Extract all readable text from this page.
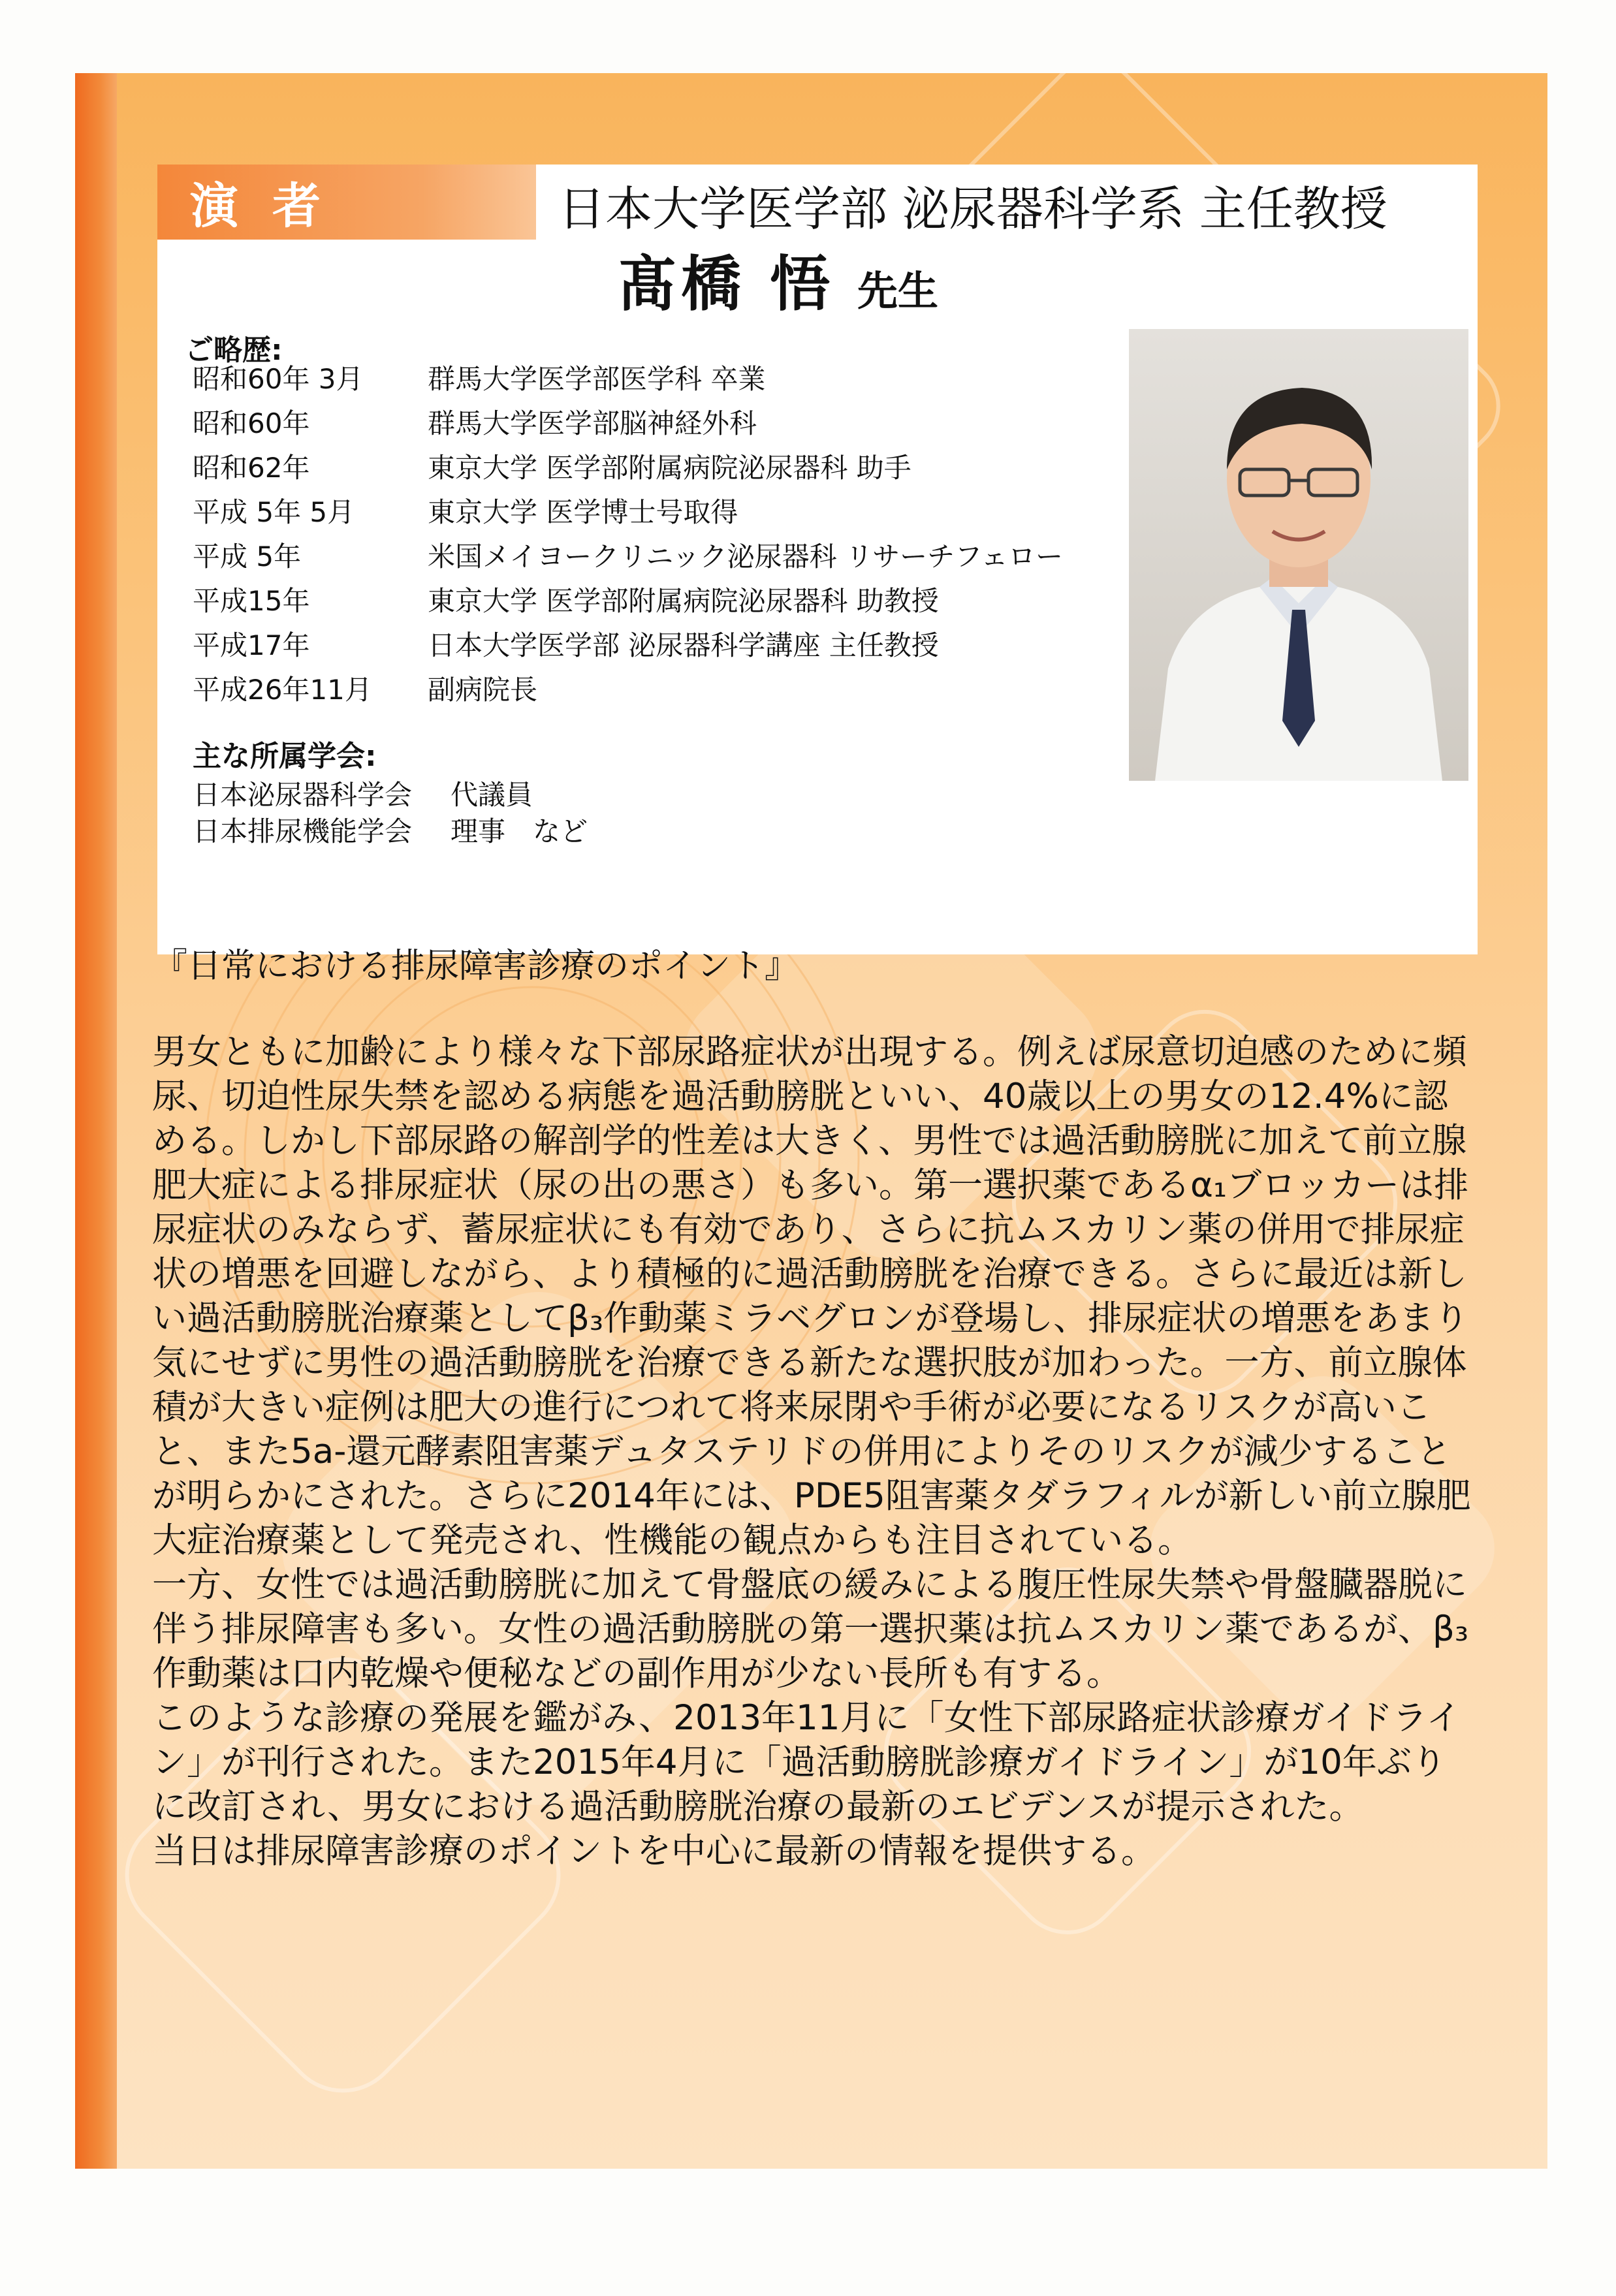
演者	日本大学医学部 泌尿器科学系 主任教授
髙橋 悟 先生
ご略歴:
昭和60年 3月	群馬大学医学部医学科 卒業
昭和60年	群馬大学医学部脳神経外科
昭和62年	東京大学 医学部附属病院泌尿器科 助手
平成 5年 5月	東京大学 医学博士号取得
平成 5年	米国メイヨークリニック泌尿器科 リサーチフェロー
平成15年	東京大学 医学部附属病院泌尿器科 助教授
平成17年	日本大学医学部 泌尿器科学講座 主任教授
平成26年11月	副病院長
主な所属学会:
日本泌尿器科学会	代議員
日本排尿機能学会	理事　など
『日常における排尿障害診療のポイント』

男女ともに加齢により様々な下部尿路症状が出現する。例えば尿意切迫感のために頻尿、切迫性尿失禁を認める病態を過活動膀胱といい、40歳以上の男女の12.4%に認める。しかし下部尿路の解剖学的性差は大きく、男性では過活動膀胱に加えて前立腺肥大症による排尿症状（尿の出の悪さ）も多い。第一選択薬であるα₁ブロッカーは排尿症状のみならず、蓄尿症状にも有効であり、さらに抗ムスカリン薬の併用で排尿症状の増悪を回避しながら、より積極的に過活動膀胱を治療できる。さらに最近は新しい過活動膀胱治療薬としてβ₃作動薬ミラベグロンが登場し、排尿症状の増悪をあまり気にせずに男性の過活動膀胱を治療できる新たな選択肢が加わった。一方、前立腺体積が大きい症例は肥大の進行につれて将来尿閉や手術が必要になるリスクが高いこと、また5a-還元酵素阻害薬デュタステリドの併用によりそのリスクが減少することが明らかにされた。さらに2014年には、PDE5阻害薬タダラフィルが新しい前立腺肥大症治療薬として発売され、性機能の観点からも注目されている。

一方、女性では過活動膀胱に加えて骨盤底の緩みによる腹圧性尿失禁や骨盤臓器脱に伴う排尿障害も多い。女性の過活動膀胱の第一選択薬は抗ムスカリン薬であるが、β₃作動薬は口内乾燥や便秘などの副作用が少ない長所も有する。

このような診療の発展を鑑がみ、2013年11月に「女性下部尿路症状診療ガイドライン」が刊行された。また2015年4月に「過活動膀胱診療ガイドライン」が10年ぶりに改訂され、男女における過活動膀胱治療の最新のエビデンスが提示された。

当日は排尿障害診療のポイントを中心に最新の情報を提供する。
